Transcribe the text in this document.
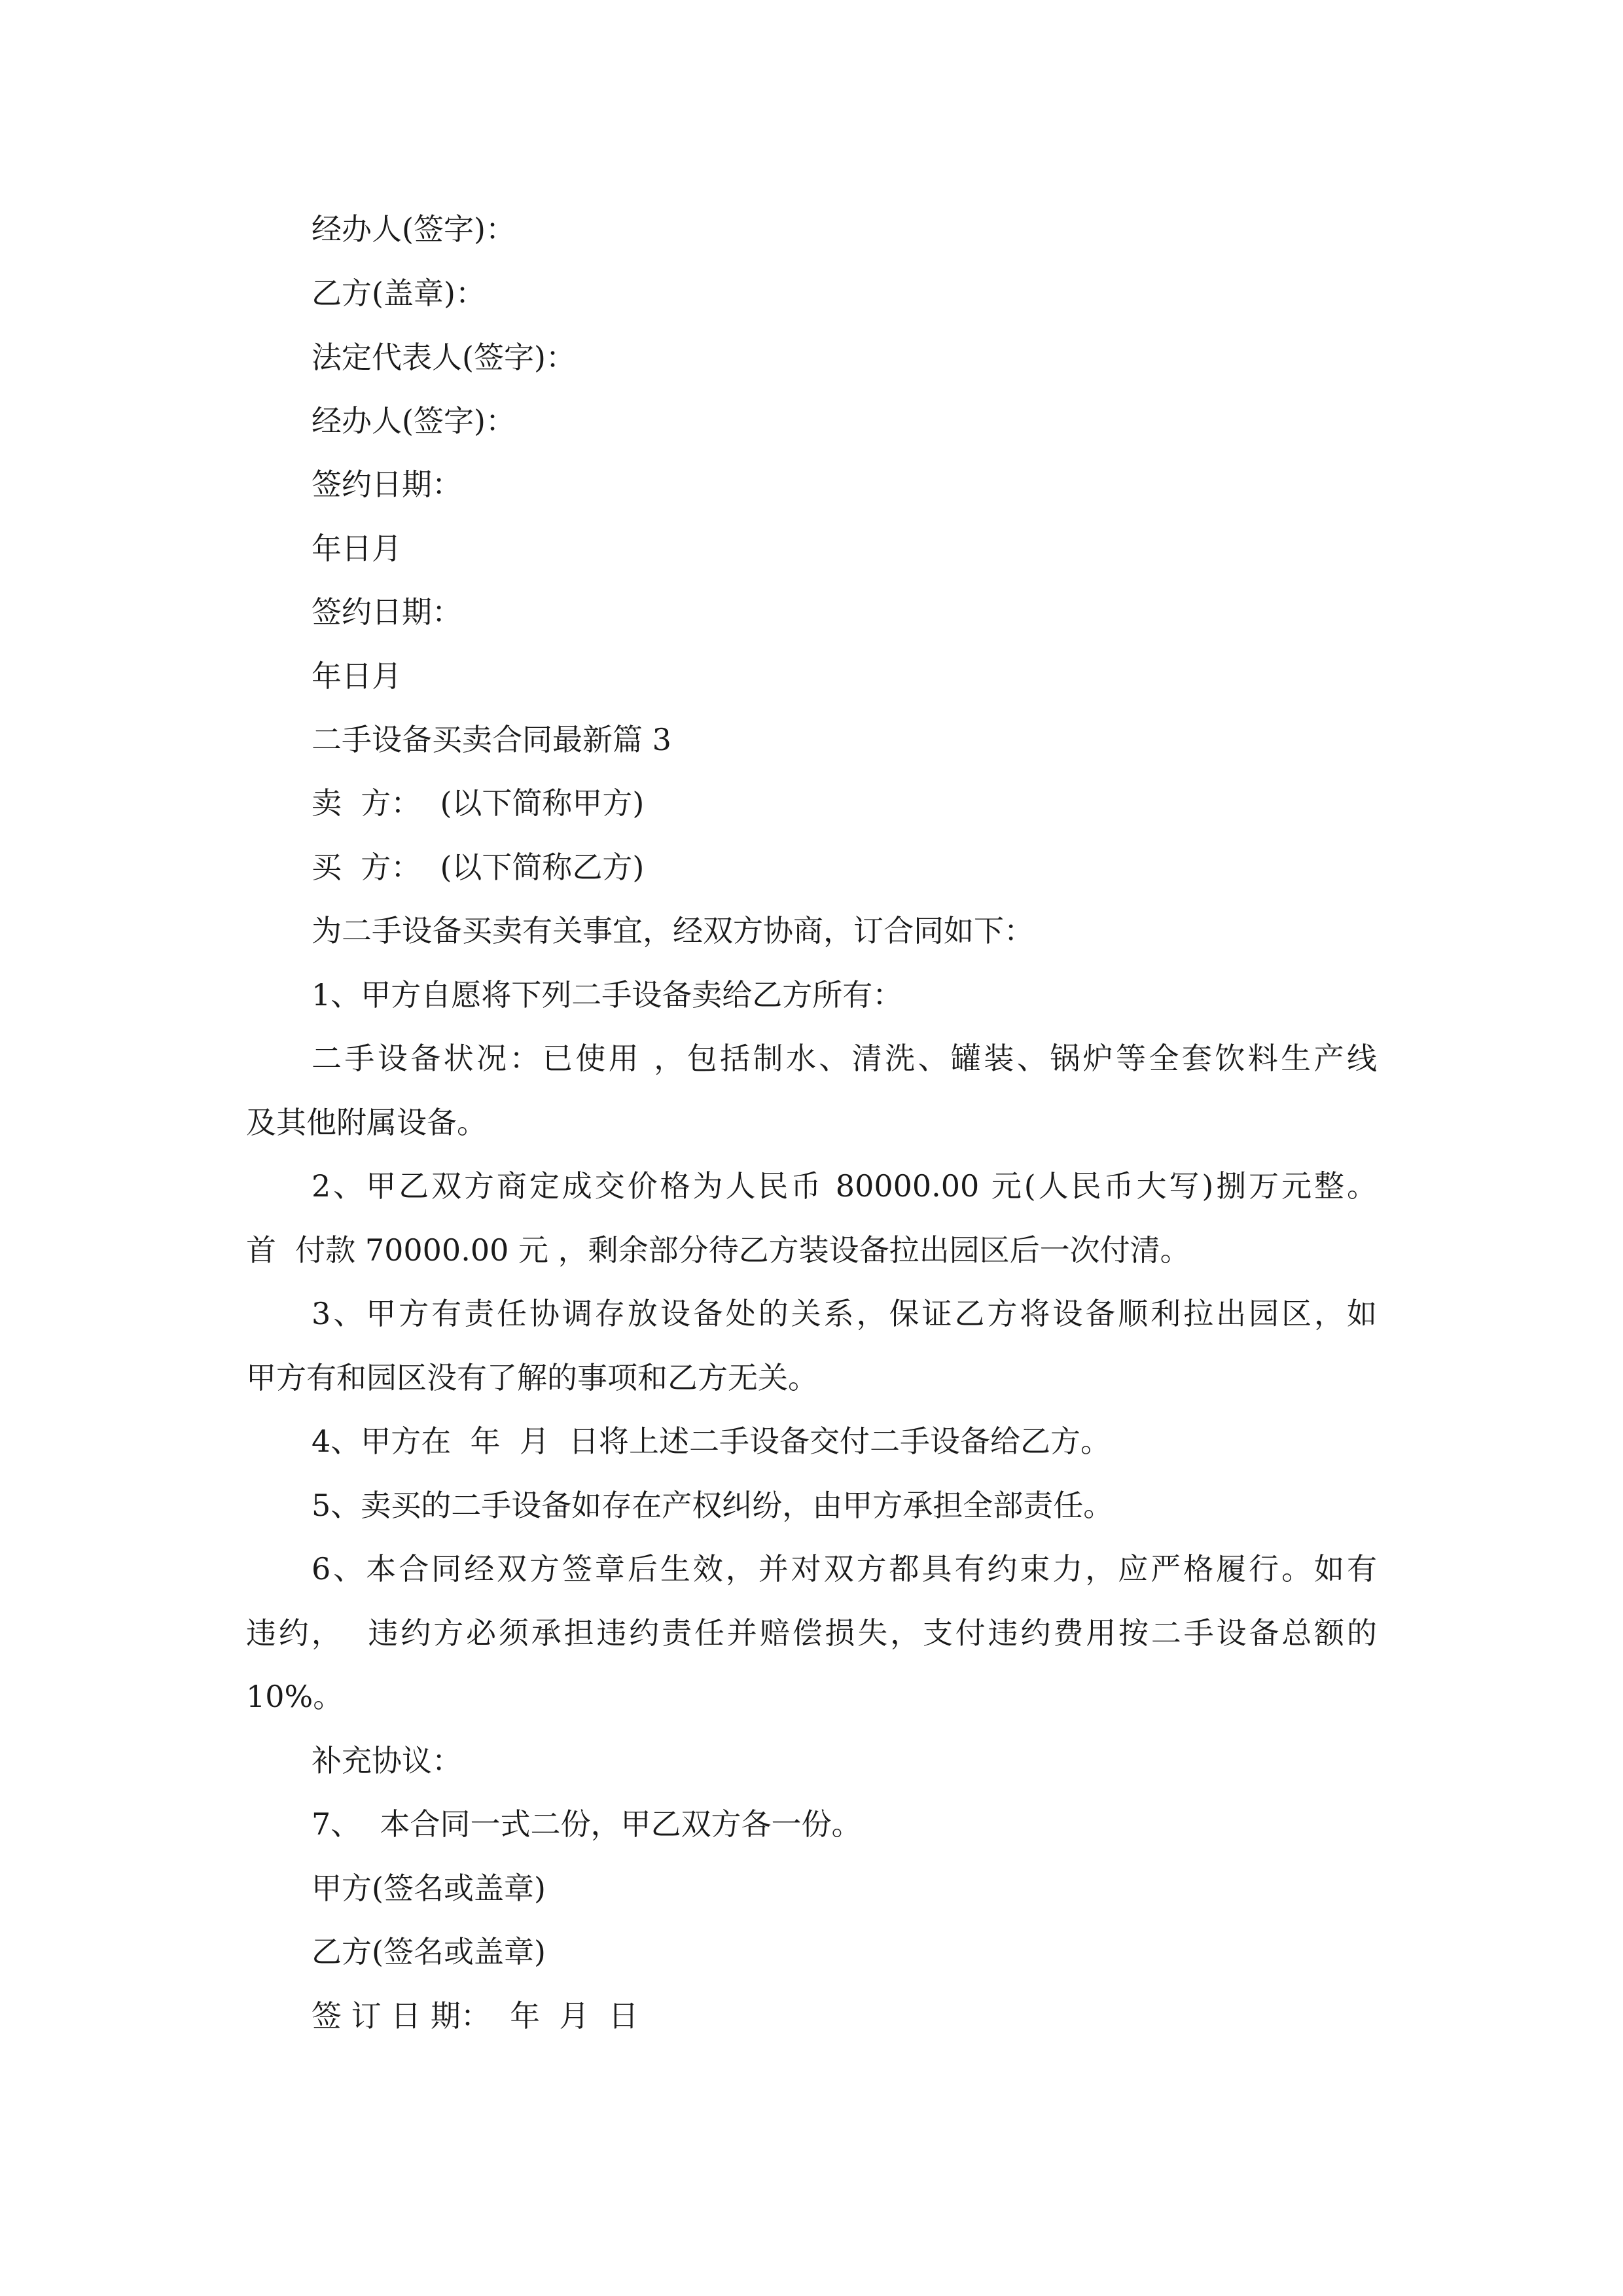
经办人(签字)：

乙方(盖章)：

法定代表人(签字)：

经办人(签字)：

签约日期：

年日月

签约日期：

年日月

二手设备买卖合同最新篇 3

卖  方：  (以下简称甲方)

买  方：  (以下简称乙方)

为二手设备买卖有关事宜，经双方协商，订合同如下：

1、甲方自愿将下列二手设备卖给乙方所有：

二手设备状况：已使用 ，包括制水、清洗、罐装、锅炉等全套饮料生产线

及其他附属设备。

2、甲乙双方商定成交价格为人民币 80000.00 元(人民币大写)捌万元整。

首  付款 70000.00 元 ，剩余部分待乙方装设备拉出园区后一次付清。

3、甲方有责任协调存放设备处的关系，保证乙方将设备顺利拉出园区，如

甲方有和园区没有了解的事项和乙方无关。

4、甲方在  年  月  日将上述二手设备交付二手设备给乙方。

5、卖买的二手设备如存在产权纠纷，由甲方承担全部责任。

6、本合同经双方签章后生效，并对双方都具有约束力，应严格履行。如有

违约，  违约方必须承担违约责任并赔偿损失，支付违约费用按二手设备总额的

10%。

补充协议：

7、  本合同一式二份，甲乙双方各一份。

甲方(签名或盖章)

乙方(签名或盖章)

签 订 日 期：  年  月  日
